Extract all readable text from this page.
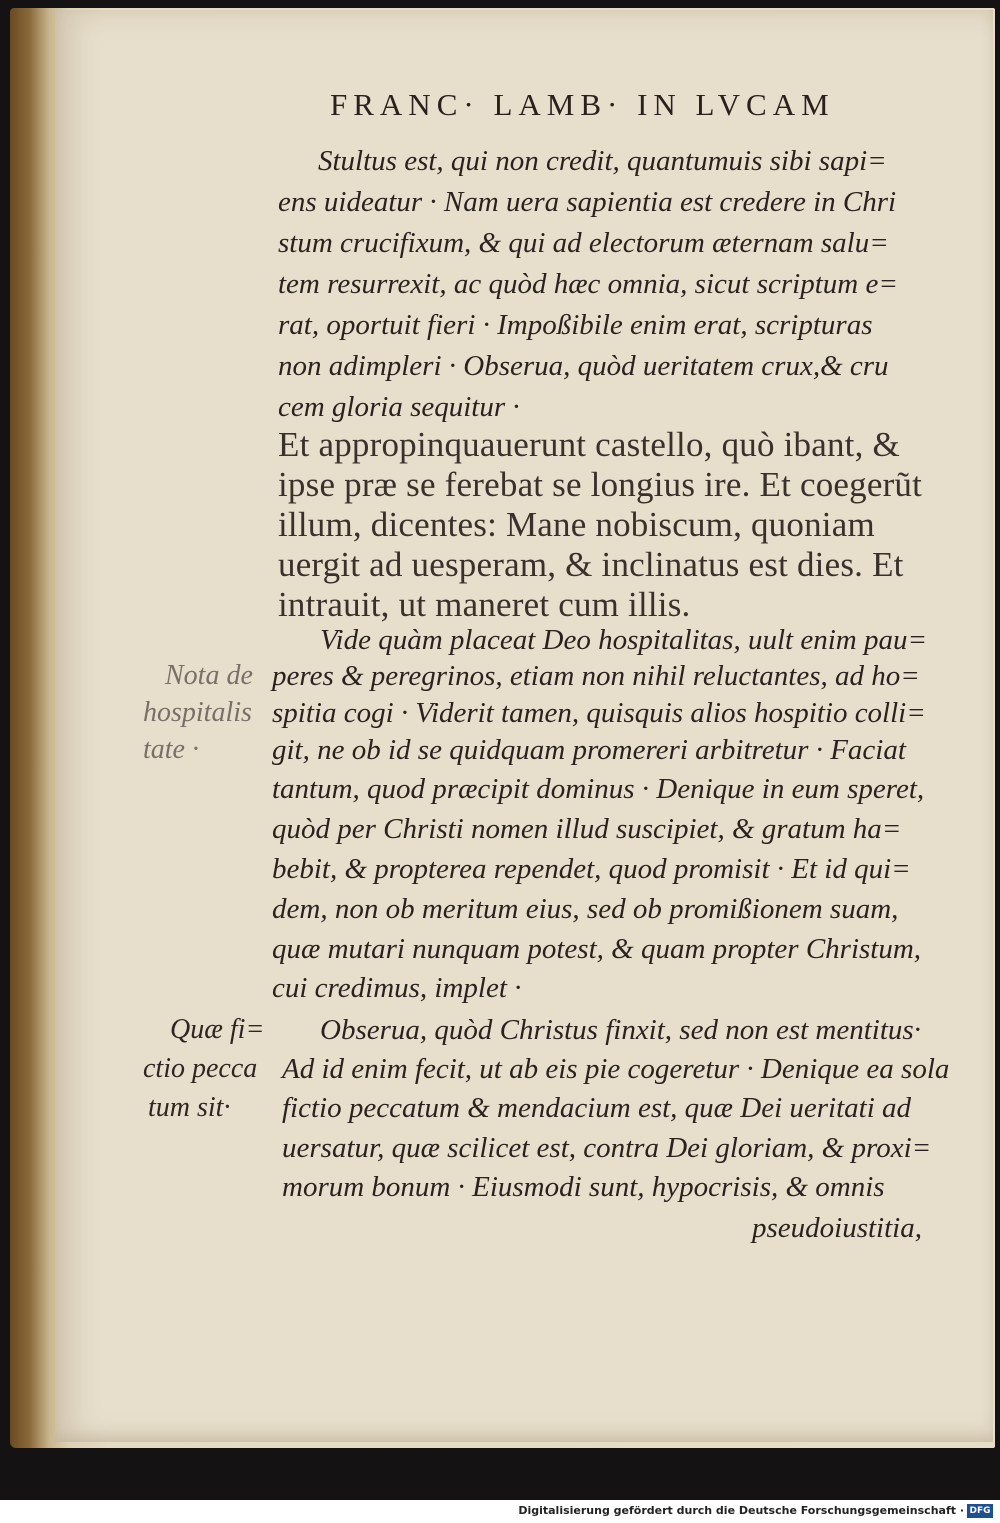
FRANC· LAMB· IN LVCAM
Stultus est, qui non credit, quantumuis sibi sapi=
ens uideatur · Nam uera sapientia est credere in Chri
stum crucifixum, & qui ad electorum æternam salu=
tem resurrexit, ac quòd hæc omnia, sicut scriptum e=
rat, oportuit fieri · Impoßibile enim erat, scripturas
non adimpleri · Obserua, quòd ueritatem crux,& cru
cem gloria sequitur ·
Et appropinquauerunt castello, quò ibant, &
ipse præ se ferebat se longius ire. Et coegerũt
illum, dicentes: Mane nobiscum, quoniam
uergit ad uesperam, & inclinatus est dies. Et
intrauit, ut maneret cum illis.
Vide quàm placeat Deo hospitalitas, uult enim pau=
peres & peregrinos, etiam non nihil reluctantes, ad ho=
spitia cogi · Viderit tamen, quisquis alios hospitio colli=
git, ne ob id se quidquam promereri arbitretur · Faciat
tantum, quod præcipit dominus · Denique in eum speret,
quòd per Christi nomen illud suscipiet, & gratum ha=
bebit, & propterea rependet, quod promisit · Et id qui=
dem, non ob meritum eius, sed ob promißionem suam,
quæ mutari nunquam potest, & quam propter Christum,
cui credimus, implet ·
Obserua, quòd Christus finxit, sed non est mentitus·
Ad id enim fecit, ut ab eis pie cogeretur · Denique ea sola
fictio peccatum & mendacium est, quæ Dei ueritati ad
uersatur, quæ scilicet est, contra Dei gloriam, & proxi=
morum bonum · Eiusmodi sunt, hypocrisis, & omnis
pseudoiustitia,
Nota de
hospitalis
tate ·
Quæ fi=
ctio pecca
tum sit·
Digitalisierung gefördert durch die Deutsche Forschungsgemeinschaft · DFG
